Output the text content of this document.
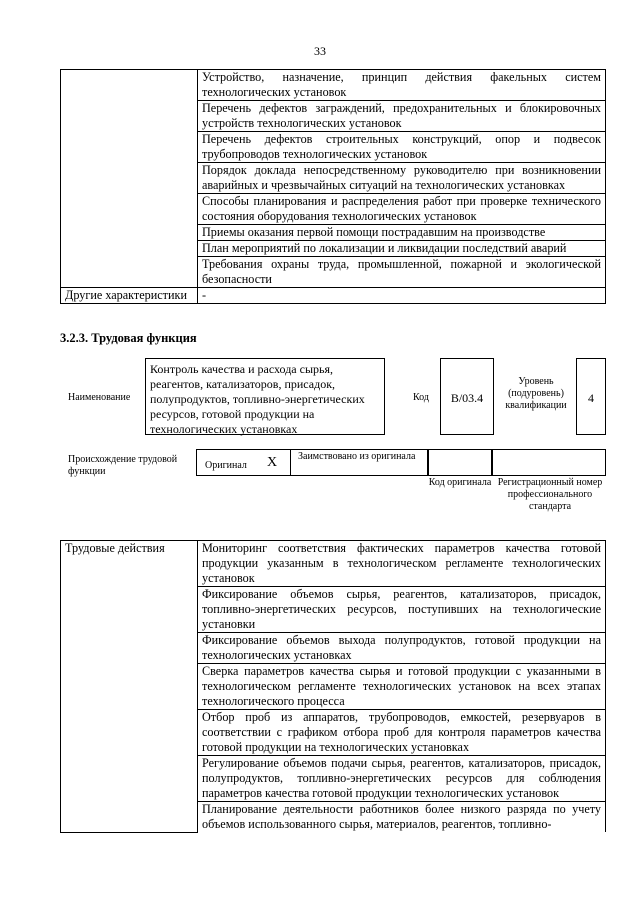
33
	Устройство, назначение, принцип действия факельных систем технологических установок
	Перечень дефектов заграждений, предохранительных и блокировочных устройств технологических установок
	Перечень дефектов строительных конструкций, опор и подвесок трубопроводов технологических установок
	Порядок доклада непосредственному руководителю при возникновении аварийных и чрезвычайных ситуаций на технологических установках
	Способы планирования и распределения работ при проверке технического состояния оборудования технологических установок
	Приемы оказания первой помощи пострадавшим на производстве
	План мероприятий по локализации и ликвидации последствий аварий
	Требования охраны труда, промышленной, пожарной и экологической безопасности
Другие характеристики	-
3.2.3. Трудовая функция
Наименование
Контроль качества и расхода сырья, реагентов, катализаторов, присадок, полупродуктов, топливно-энергетических ресурсов, готовой продукции на технологических установках
Код	B/03.4
Уровень (подуровень) квалификации
4
Происхождение трудовой функции
Оригинал X Заимствовано из оригинала
Код оригинала Регистрационный номер профессионального стандарта
Трудовые действия	Мониторинг соответствия фактических параметров качества готовой продукции указанным в технологическом регламенте технологических установок
Фиксирование объемов сырья, реагентов, катализаторов, присадок, топливно-энергетических ресурсов, поступивших на технологические установки
Фиксирование объемов выхода полупродуктов, готовой продукции на технологических установках
Сверка параметров качества сырья и готовой продукции с указанными в технологическом регламенте технологических установок на всех этапах технологического процесса
Отбор проб из аппаратов, трубопроводов, емкостей, резервуаров в соответствии с графиком отбора проб для контроля параметров качества готовой продукции на технологических установках
Регулирование объемов подачи сырья, реагентов, катализаторов, присадок, полупродуктов, топливно-энергетических ресурсов для соблюдения параметров качества готовой продукции технологических установок
Планирование деятельности работников более низкого разряда по учету объемов использованного сырья, материалов, реагентов, топливно-
